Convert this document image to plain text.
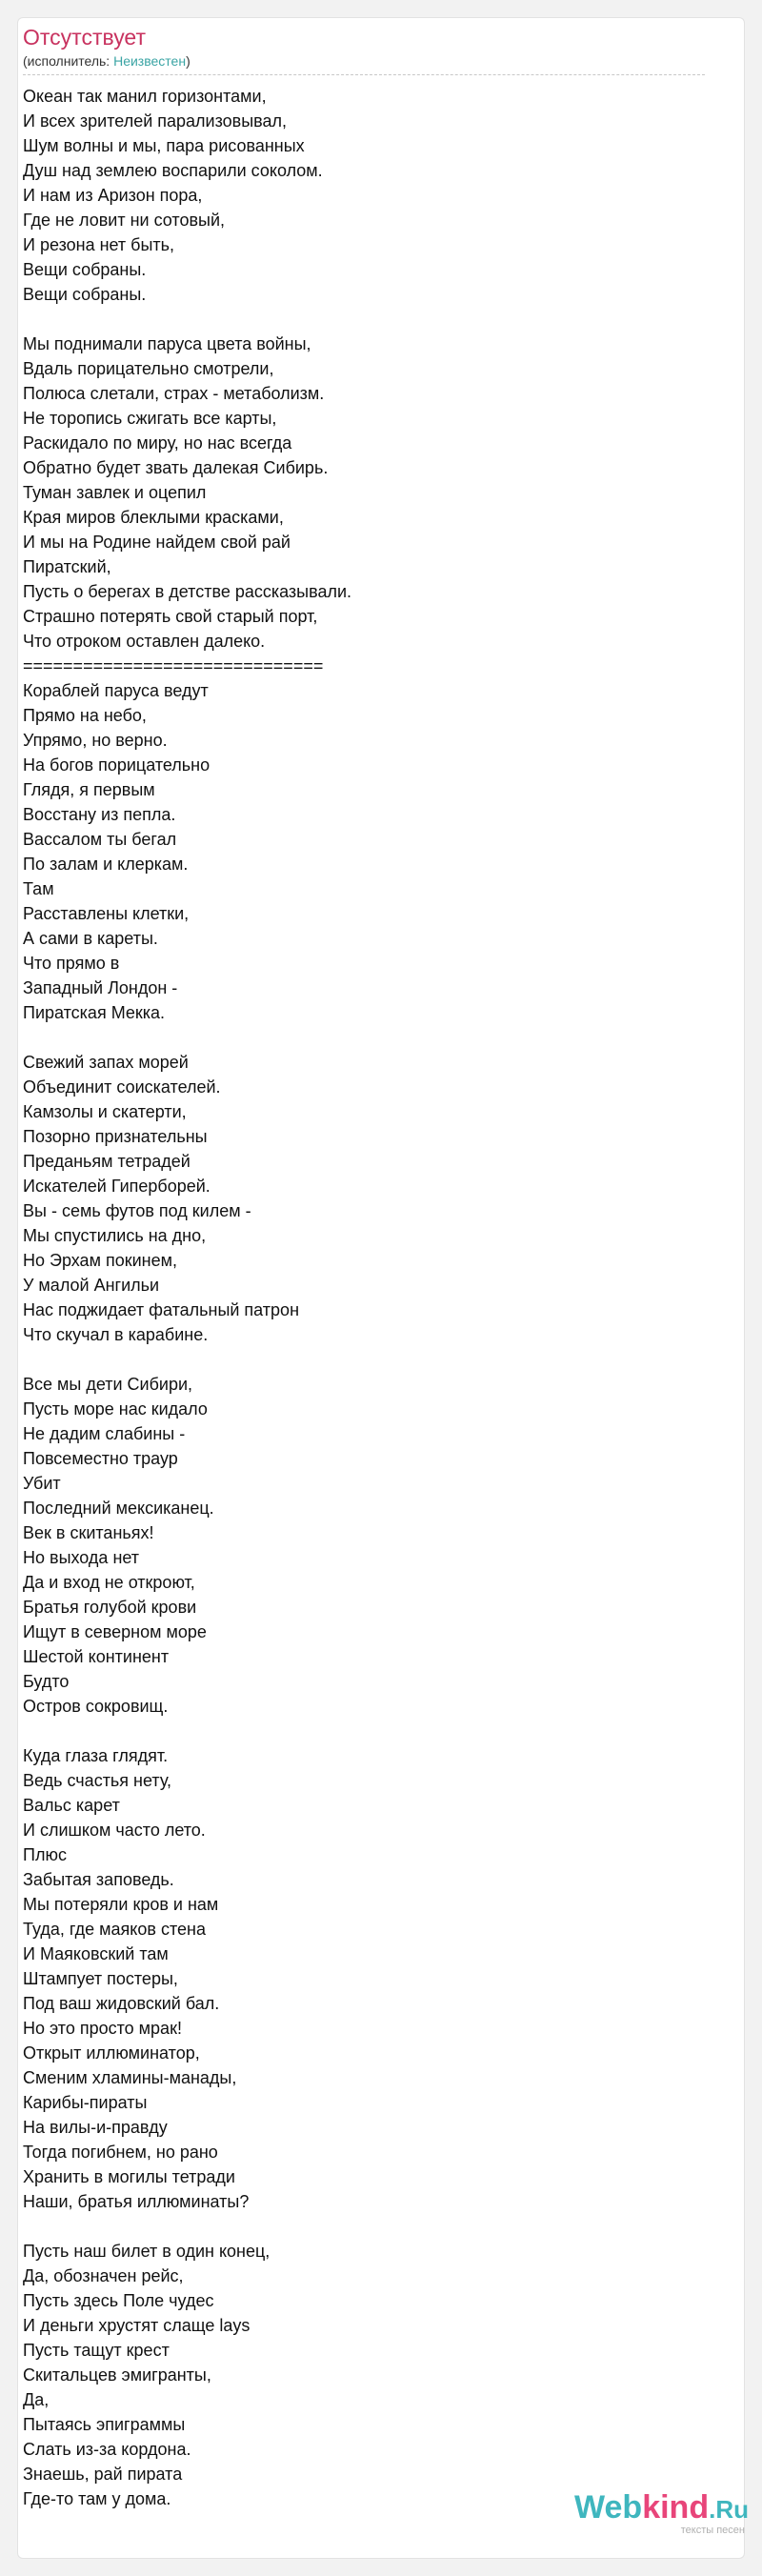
Отсутствует
(исполнитель: Неизвестен)
Океан так манил горизонтами,
И всех зрителей парализовывал,
Шум волны и мы, пара рисованных
Душ над землею воспарили соколом.
И нам из Аризон пора,
Где не ловит ни сотовый,
И резона нет быть,
Вещи собраны.
Вещи собраны.
Мы поднимали паруса цвета войны,
Вдаль порицательно смотрели,
Полюса слетали, страх - метаболизм.
Не торопись сжигать все карты,
Раскидало по миру, но нас всегда
Обратно будет звать далекая Сибирь.
Туман завлек и оцепил
Края миров блеклыми красками,
И мы на Родине найдем свой рай
Пиратский,
Пусть о берегах в детстве рассказывали.
Страшно потерять свой старый порт,
Что отроком оставлен далеко.
==============================
Кораблей паруса ведут
Прямо на небо,
Упрямо, но верно.
На богов порицательно
Глядя, я первым
Восстану из пепла.
Вассалом ты бегал
По залам и клеркам.
Там
Расставлены клетки,
А сами в кареты.
Что прямо в
Западный Лондон -
Пиратская Мекка.
Свежий запах морей
Объединит соискателей.
Камзолы и скатерти,
Позорно признательны
Преданьям тетрадей
Искателей Гиперборей.
Вы - семь футов под килем -
Мы спустились на дно,
Но Эрхам покинем,
У малой Ангильи
Нас поджидает фатальный патрон
Что скучал в карабине.
Все мы дети Сибири,
Пусть море нас кидало
Не дадим слабины -
Повсеместно траур
Убит
Последний мексиканец.
Век в скитаньях!
Но выхода нет
Да и вход не откроют,
Братья голубой крови
Ищут в северном море
Шестой континент
Будто
Остров сокровищ.
Куда глаза глядят.
Ведь счастья нету,
Вальс карет
И слишком часто лето.
Плюс
Забытая заповедь.
Мы потеряли кров и нам
Туда, где маяков стена
И Маяковский там
Штампует постеры,
Под ваш жидовский бал.
Но это просто мрак!
Открыт иллюминатор,
Сменим хламины-манады,
Карибы-пираты
На вилы-и-правду
Тогда погибнем, но рано
Хранить в могилы тетради
Наши, братья иллюминаты?
Пусть наш билет в один конец,
Да, обозначен рейс,
Пусть здесь Поле чудес
И деньги хрустят слаще lays
Пусть тащут крест
Скитальцев эмигранты,
Да,
Пытаясь эпиграммы
Слать из-за кордона.
Знаешь, рай пирата
Где-то там у дома.	Webkind.Ru
тексты песен
